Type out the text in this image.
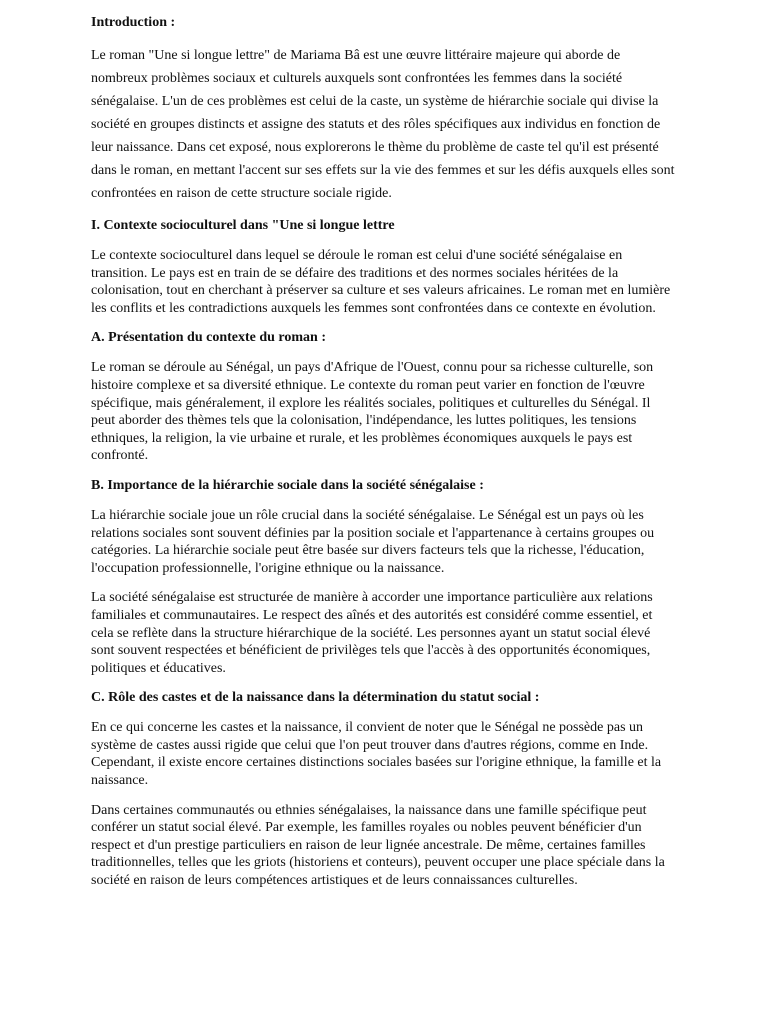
Introduction :
Le roman "Une si longue lettre" de Mariama Bâ est une œuvre littéraire majeure qui aborde de nombreux problèmes sociaux et culturels auxquels sont confrontées les femmes dans la société sénégalaise. L'un de ces problèmes est celui de la caste, un système de hiérarchie sociale qui divise la société en groupes distincts et assigne des statuts et des rôles spécifiques aux individus en fonction de leur naissance. Dans cet exposé, nous explorerons le thème du problème de caste tel qu'il est présenté dans le roman, en mettant l'accent sur ses effets sur la vie des femmes et sur les défis auxquels elles sont confrontées en raison de cette structure sociale rigide.
I. Contexte socioculturel dans "Une si longue lettre
Le contexte socioculturel dans lequel se déroule le roman est celui d'une société sénégalaise en transition. Le pays est en train de se défaire des traditions et des normes sociales héritées de la colonisation, tout en cherchant à préserver sa culture et ses valeurs africaines. Le roman met en lumière les conflits et les contradictions auxquels les femmes sont confrontées dans ce contexte en évolution.
A. Présentation du contexte du roman :
Le roman se déroule au Sénégal, un pays d'Afrique de l'Ouest, connu pour sa richesse culturelle, son histoire complexe et sa diversité ethnique. Le contexte du roman peut varier en fonction de l'œuvre spécifique, mais généralement, il explore les réalités sociales, politiques et culturelles du Sénégal. Il peut aborder des thèmes tels que la colonisation, l'indépendance, les luttes politiques, les tensions ethniques, la religion, la vie urbaine et rurale, et les problèmes économiques auxquels le pays est confronté.
B. Importance de la hiérarchie sociale dans la société sénégalaise :
La hiérarchie sociale joue un rôle crucial dans la société sénégalaise. Le Sénégal est un pays où les relations sociales sont souvent définies par la position sociale et l'appartenance à certains groupes ou catégories. La hiérarchie sociale peut être basée sur divers facteurs tels que la richesse, l'éducation, l'occupation professionnelle, l'origine ethnique ou la naissance.
La société sénégalaise est structurée de manière à accorder une importance particulière aux relations familiales et communautaires. Le respect des aînés et des autorités est considéré comme essentiel, et cela se reflète dans la structure hiérarchique de la société. Les personnes ayant un statut social élevé sont souvent respectées et bénéficient de privilèges tels que l'accès à des opportunités économiques, politiques et éducatives.
C. Rôle des castes et de la naissance dans la détermination du statut social :
En ce qui concerne les castes et la naissance, il convient de noter que le Sénégal ne possède pas un système de castes aussi rigide que celui que l'on peut trouver dans d'autres régions, comme en Inde. Cependant, il existe encore certaines distinctions sociales basées sur l'origine ethnique, la famille et la naissance.
Dans certaines communautés ou ethnies sénégalaises, la naissance dans une famille spécifique peut conférer un statut social élevé. Par exemple, les familles royales ou nobles peuvent bénéficier d'un respect et d'un prestige particuliers en raison de leur lignée ancestrale. De même, certaines familles traditionnelles, telles que les griots (historiens et conteurs), peuvent occuper une place spéciale dans la société en raison de leurs compétences artistiques et de leurs connaissances culturelles.
